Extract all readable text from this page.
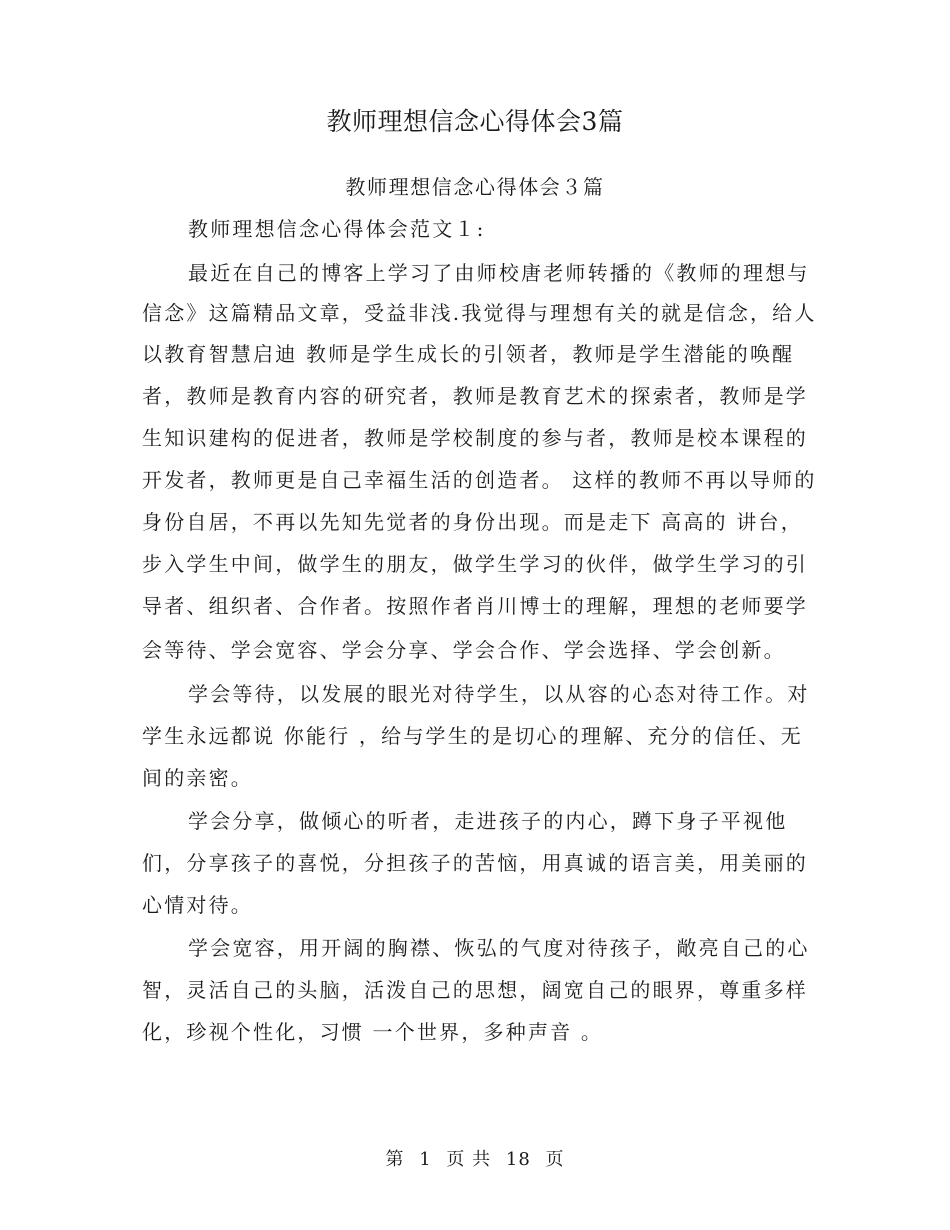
教师理想信念心得体会3篇
教师理想信念心得体会３篇
教师理想信念心得体会范文１:
最近在自己的博客上学习了由师校唐老师转播的《教师的理想与
信念》这篇精品文章，受益非浅.我觉得与理想有关的就是信念，给人
以教育智慧启迪 教师是学生成长的引领者，教师是学生潜能的唤醒
者，教师是教育内容的研究者，教师是教育艺术的探索者，教师是学
生知识建构的促进者，教师是学校制度的参与者，教师是校本课程的
开发者，教师更是自己幸福生活的创造者。 这样的教师不再以导师的
身份自居，不再以先知先觉者的身份出现。而是走下 高高的 讲台，
步入学生中间，做学生的朋友，做学生学习的伙伴，做学生学习的引
导者、组织者、合作者。按照作者肖川博士的理解，理想的老师要学
会等待、学会宽容、学会分享、学会合作、学会选择、学会创新。
学会等待，以发展的眼光对待学生，以从容的心态对待工作。对
学生永远都说 你能行 ，给与学生的是切心的理解、充分的信任、无
间的亲密。
学会分享，做倾心的听者，走进孩子的内心，蹲下身子平视他
们，分享孩子的喜悦，分担孩子的苦恼，用真诚的语言美，用美丽的
心情对待。
学会宽容，用开阔的胸襟、恢弘的气度对待孩子，敞亮自己的心
智，灵活自己的头脑，活泼自己的思想，阔宽自己的眼界，尊重多样
化，珍视个性化，习惯 一个世界，多种声音 。
第 1 页 共 18 页
